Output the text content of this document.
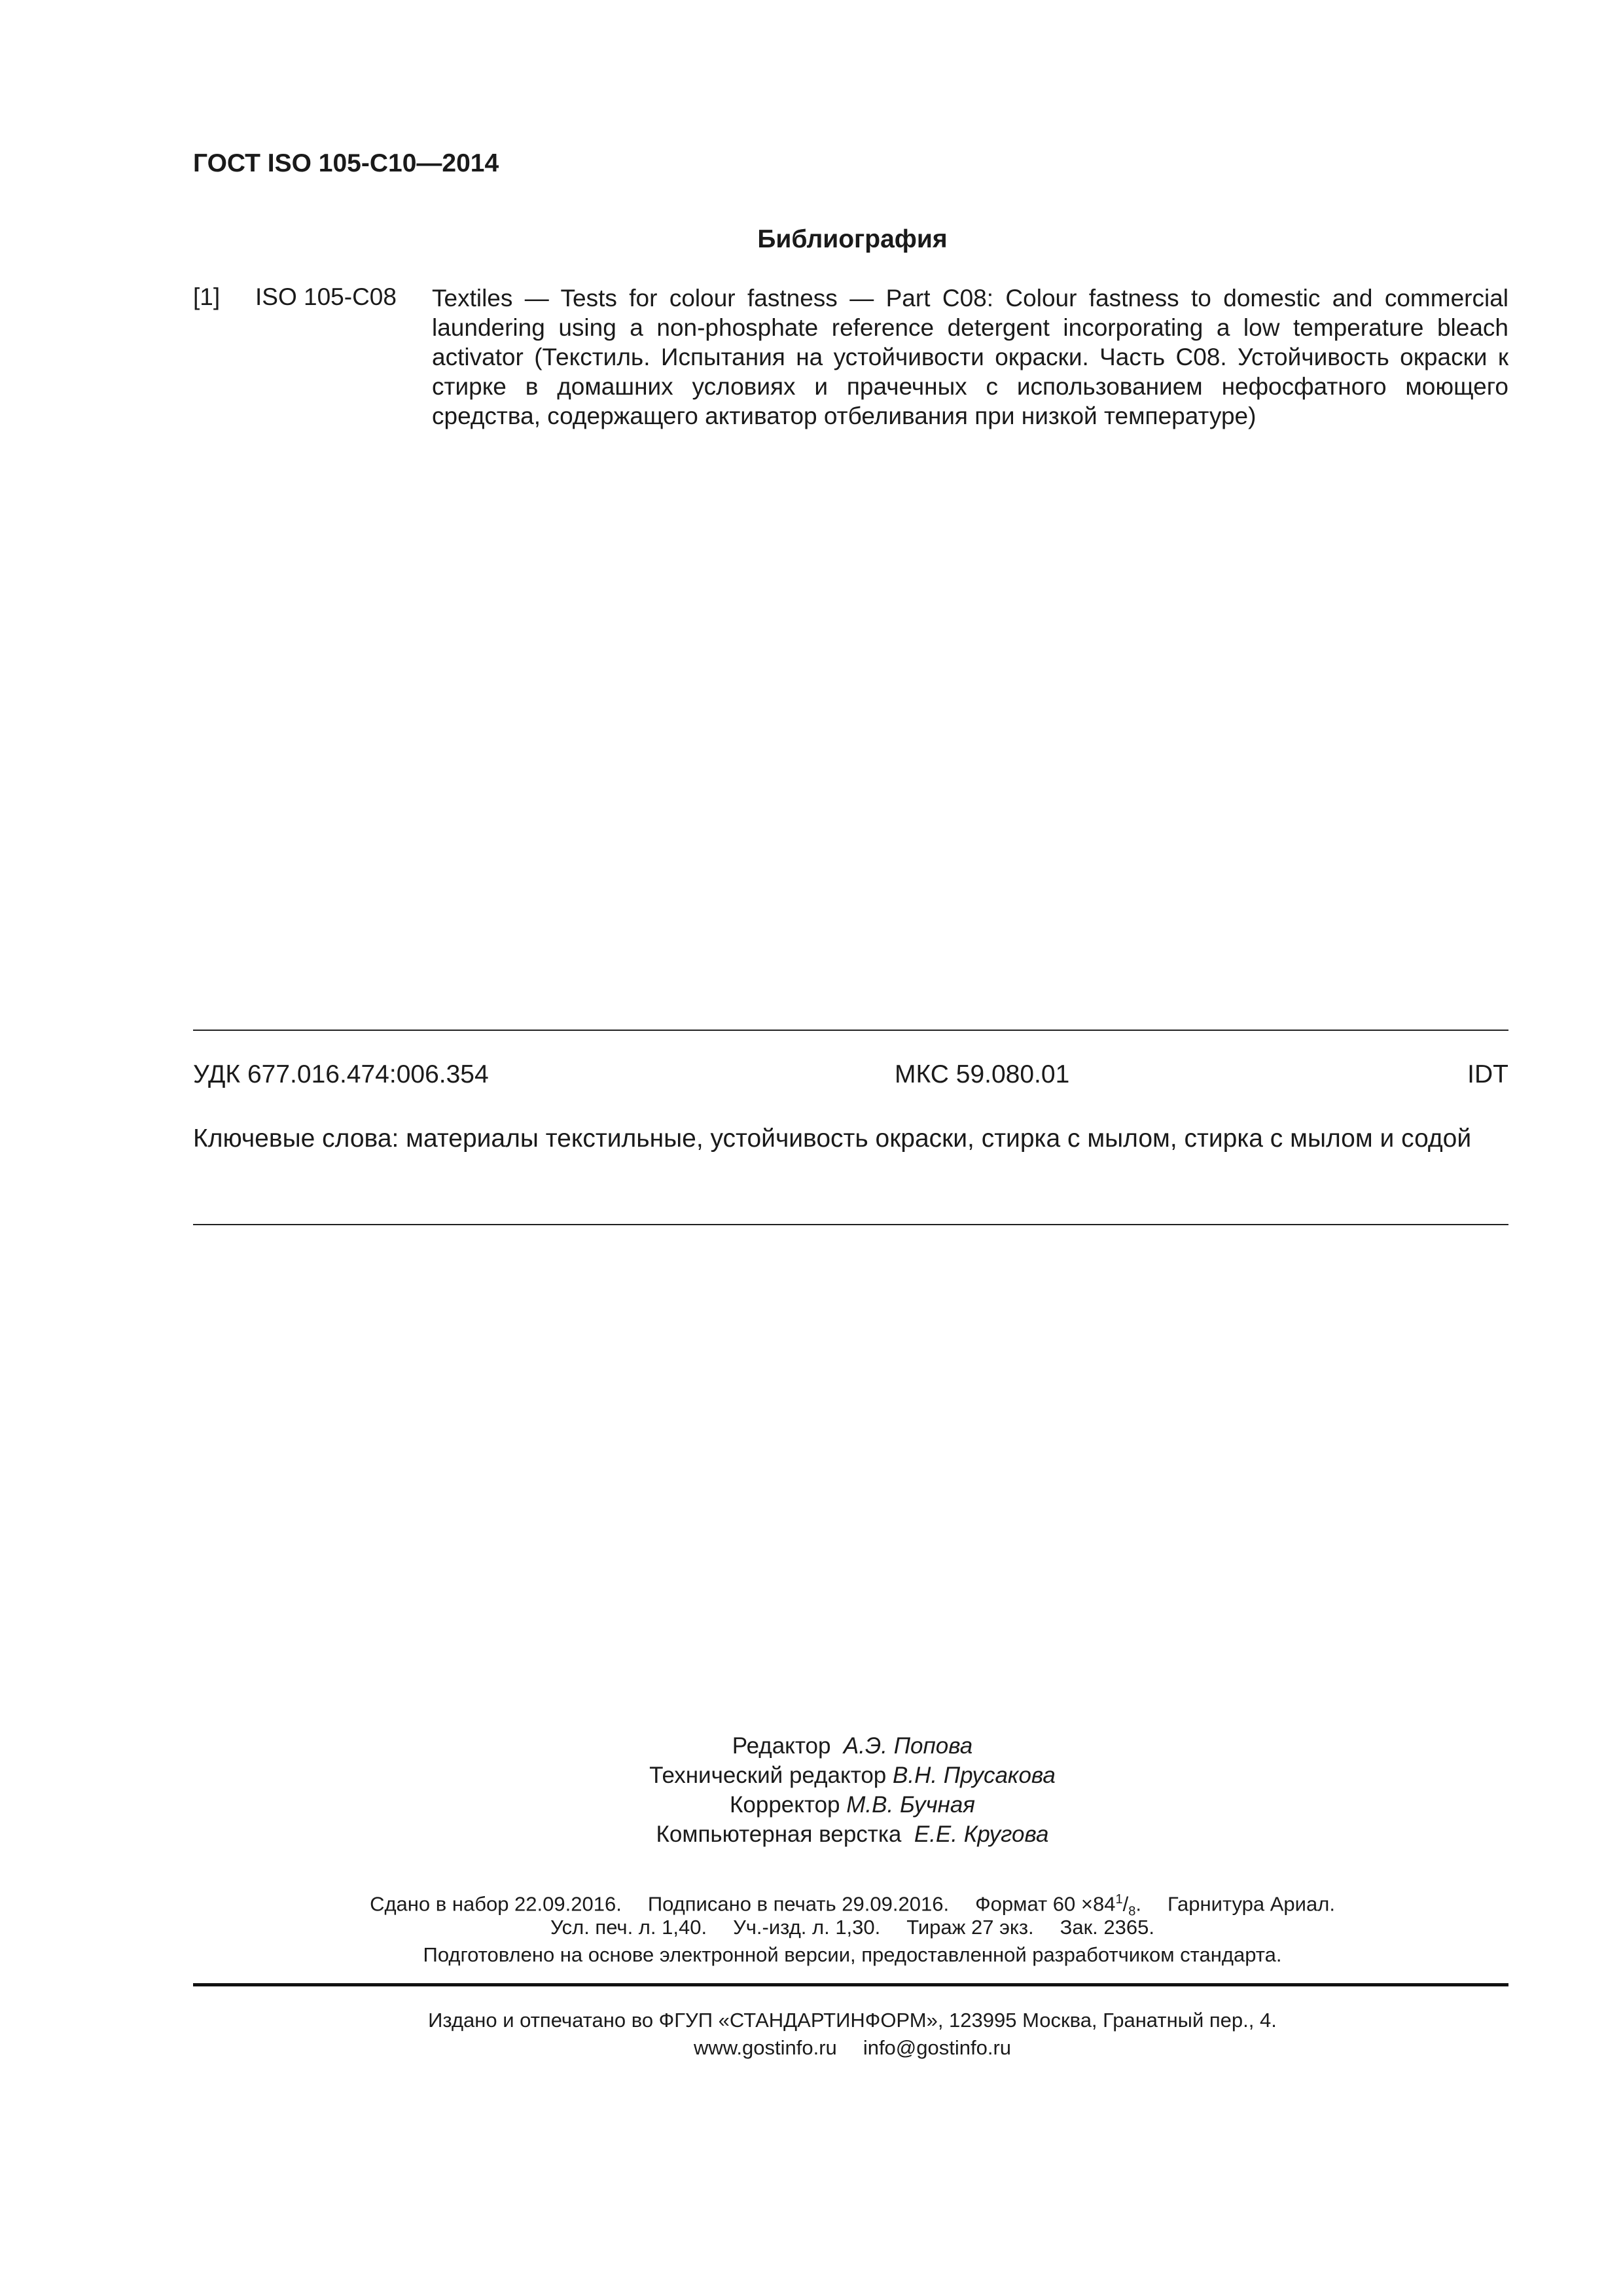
ГОСТ ISO 105-C10—2014
Библиография
[1] ISO 105-C08 Textiles — Tests for colour fastness — Part C08: Colour fastness to domestic and commercial laundering using a non-phosphate reference detergent incorporating a low temperature bleach activator (Текстиль. Испытания на устойчивости окраски. Часть C08. Устойчивость окраски к стирке в домашних условиях и прачечных с использованием нефосфатного моющего средства, содержащего активатор отбеливания при низкой температуре)
УДК 677.016.474:006.354	МКС 59.080.01	IDT
Ключевые слова: материалы текстильные, устойчивость окраски, стирка с мылом, стирка с мылом и содой
Редактор А.Э. Попова
Технический редактор В.Н. Прусакова
Корректор М.В. Бучная
Компьютерная верстка Е.Е. Кругова
Сдано в набор 22.09.2016. Подписано в печать 29.09.2016. Формат $60 \times 84^1/_8$. Гарнитура Ариал.
Усл. печ. л. 1,40. Уч.-изд. л. 1,30. Тираж 27 экз. Зак. 2365.
Подготовлено на основе электронной версии, предоставленной разработчиком стандарта.
Издано и отпечатано во ФГУП «СТАНДАРТИНФОРМ», 123995 Москва, Гранатный пер., 4.
www.gostinfo.ru info@gostinfo.ru
